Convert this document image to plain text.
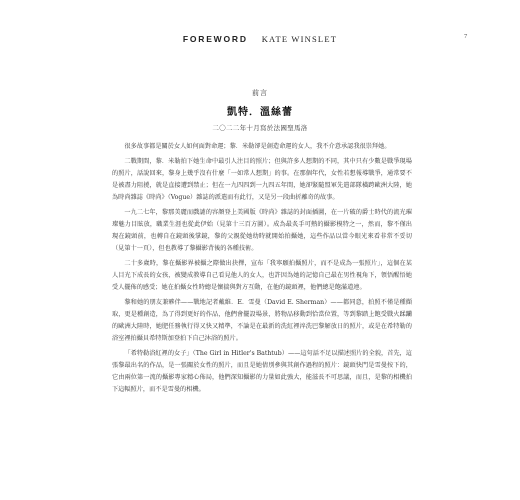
FOREWORD KATE WINSLET	7
前言
凱特．溫絲蕾
二〇二二年十月寫於法國聖馬洛

很多故事都是關於女人如何面對命運；黎．米勒卻是創造命運的女人，我不介意承認我很崇拜她。

二戰期間，黎．米勒拍下她生命中最引人注目的照片；但與許多人想期的不同，其中只有少數是戰爭現場的照片，話說回來，黎身上幾乎沒有什麼「一如常人想期」的事。在那個年代，女性若想報導戰爭，通常要不是被盡力阻撓，就是直接遭到禁止；但在一九四四到一九四五年間，她卻緊隨盟軍先遣部隊橫跨歐洲大陸，她為時尚雜誌《時尚》（Vogue）雜誌的派遣而有此行，又是另一段曲折離奇的故事。

一九二七年，黎那美麗而戲謔的容顏登上美國版《時尚》雜誌的封面插圖，在一片破的爵士時代的流光璀璨魅力目眩放，職業生涯也從此伊始（見第十三百方圖）。成為最炙手可熱的攝影模特之一，然而，黎不僅出現在鏡頭前，也轉自在鏡頭後掌鏡，黎的父親從她幼時就開始拍攝她，這些作品以當今眼光來看非常不妥切（見第十一頁），但也教導了黎攝影背後的各種技術。

二十多歲時，黎在攝影界被攝之際做出抉擇，宣布「我寧願拍攝照片，而不是成為一張照片」，這個在某人目光下成長的女孩，被變成教導自己看見他人的女人，也許因為她的記憶自己最在男性視角下，領悟醒悟她受人擺佈的感受；她在拍攝女性時總是懷揣與對方互動，在他的鏡頭裡，他們總是飽滿道連。

黎和她的朋友兼夥伴——戰地記者戴維．E．雪曼（David E. Sherman）——都同意，拍照不僅是種擷取，更是種創造，為了得到更好的作品，他們會擺設場景，將物品移動到恰當位置，等到黎踏上飽受戰火蹂躪的歐洲大陸時，她肥任務執行得又快又精準，不論是在最新的洗紅裡淬洗巴黎解放日的照片，或是在希特勒的浴室裡拍攝貝希特斯加登拍下自己沐浴的照片。

「希特勒浴紅裡的女子」（The Girl in Hitler's Bathtub）——這句話不足以描述照片的全貌，首先，這張黎最出名的作品，是一張關於女性的照片，而且是她倩別參與其創作過程的照片：鏡頭快門是雪曼按下的，它由兩位第一流的攝影專家精心佈局，他們深知攝影的力量如此強大，能滋長不可思議，而且，是黎的相機拍下這幅照片，而不是雪曼的相機。
